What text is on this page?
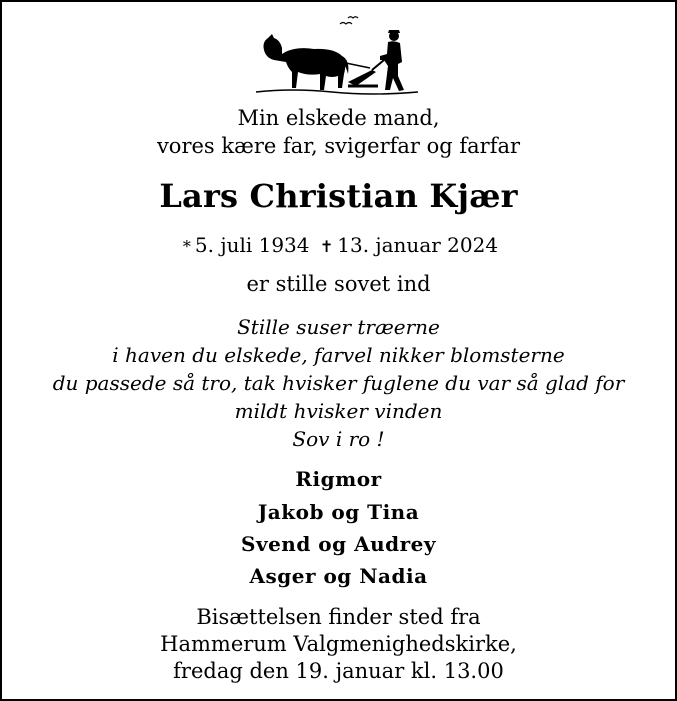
Min elskede mand,
vores kære far, svigerfar og farfar
Lars Christian Kjær
* 5. juli 1934 ✝ 13. januar 2024
er stille sovet ind
Stille suser træerne
i haven du elskede, farvel nikker blomsterne
du passede så tro, tak hvisker fuglene du var så glad for
mildt hvisker vinden
Sov i ro !
Rigmor
Jakob og Tina
Svend og Audrey
Asger og Nadia
Bisættelsen finder sted fra
Hammerum Valgmenighedskirke,
fredag den 19. januar kl. 13.00
